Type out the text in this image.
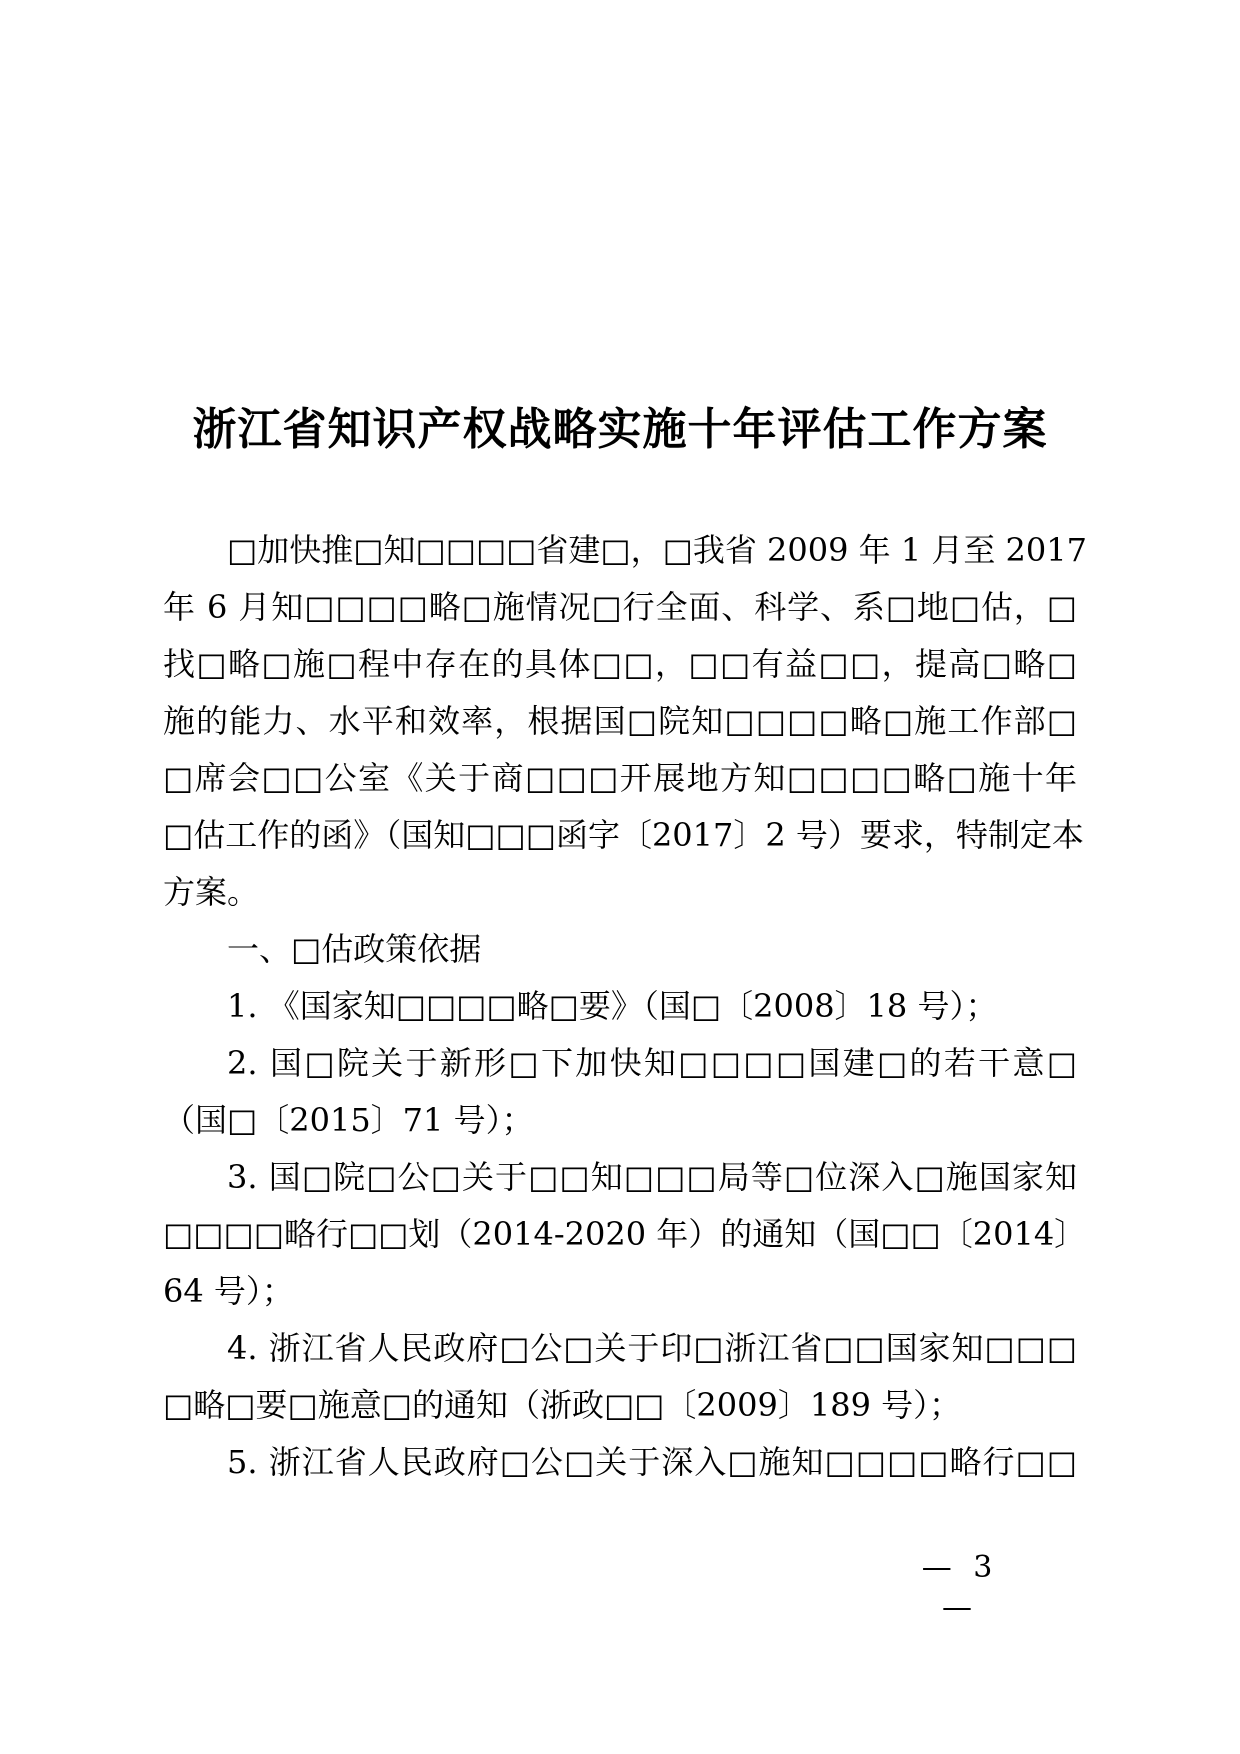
浙江省知识产权战略实施十年评估工作方案
□加快推□知□□□□省建□，□我省 2009 年 1 月至 2017
年 6 月知□□□□略□施情况□行全面、科学、系□地□估，□
找□略□施□程中存在的具体□□，□□有益□□，提高□略□
施的能力、水平和效率，根据国□院知□□□□略□施工作部□
□席会□□公室《关于商□□□开展地方知□□□□略□施十年
□估工作的函》（国知□□□函字〔2017〕2 号）要求，特制定本
方案。
一、□估政策依据
1. 《国家知□□□□略□要》（国□〔2008〕18 号）；
2. 国□院关于新形□下加快知□□□□国建□的若干意□
（国□〔2015〕71 号）；
3. 国□院□公□关于□□知□□□局等□位深入□施国家知
□□□□略行□□划（2014-2020 年）的通知（国□□〔2014〕
64 号）；
4. 浙江省人民政府□公□关于印□浙江省□□国家知□□□
□略□要□施意□的通知（浙政□□〔2009〕189 号）；
5. 浙江省人民政府□公□关于深入□施知□□□□略行□□
— 3 —
